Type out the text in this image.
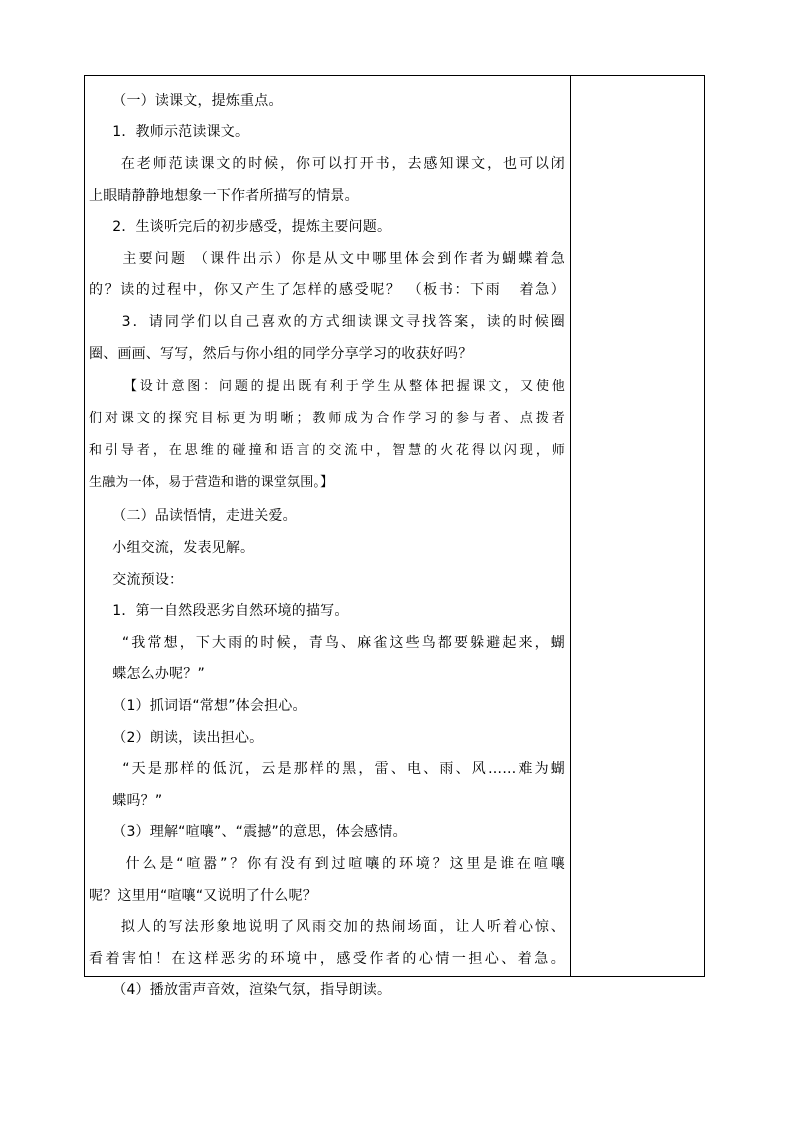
（一）读课文，提炼重点。
1．教师示范读课文。
在老师范读课文的时候，你可以打开书，去感知课文，也可以闭
上眼睛静静地想象一下作者所描写的情景。
2．生谈听完后的初步感受，提炼主要问题。
主要问题 （课件出示）你是从文中哪里体会到作者为蝴蝶着急
的？读的过程中，你又产生了怎样的感受呢？ （板书：下雨   着急）
3．请同学们以自己喜欢的方式细读课文寻找答案，读的时候圈
圈、画画、写写，然后与你小组的同学分享学习的收获好吗？
【设计意图：问题的提出既有利于学生从整体把握课文，又使他
们对课文的探究目标更为明晰；教师成为合作学习的参与者、点拨者
和引导者，在思维的碰撞和语言的交流中，智慧的火花得以闪现，师
生融为一体，易于营造和谐的课堂氛围。】
（二）品读悟情，走进关爱。
小组交流，发表见解。
交流预设：
1．第一自然段恶劣自然环境的描写。
“我常想，下大雨的时候，青鸟、麻雀这些鸟都要躲避起来，蝴
蝶怎么办呢？”
（1）抓词语“常想”体会担心。
（2）朗读，读出担心。
“天是那样的低沉，云是那样的黑，雷、电、雨、风……难为蝴
蝶吗？”
（3）理解“喧嚷”、“震撼”的意思，体会感情。
什么是“喧嚣”？你有没有到过喧嚷的环境？这里是谁在喧嚷
呢？这里用“喧嚷“又说明了什么呢？
拟人的写法形象地说明了风雨交加的热闹场面，让人听着心惊、
看着害怕！在这样恶劣的环境中，感受作者的心情一担心、着急。
（4）播放雷声音效，渲染气氛，指导朗读。
